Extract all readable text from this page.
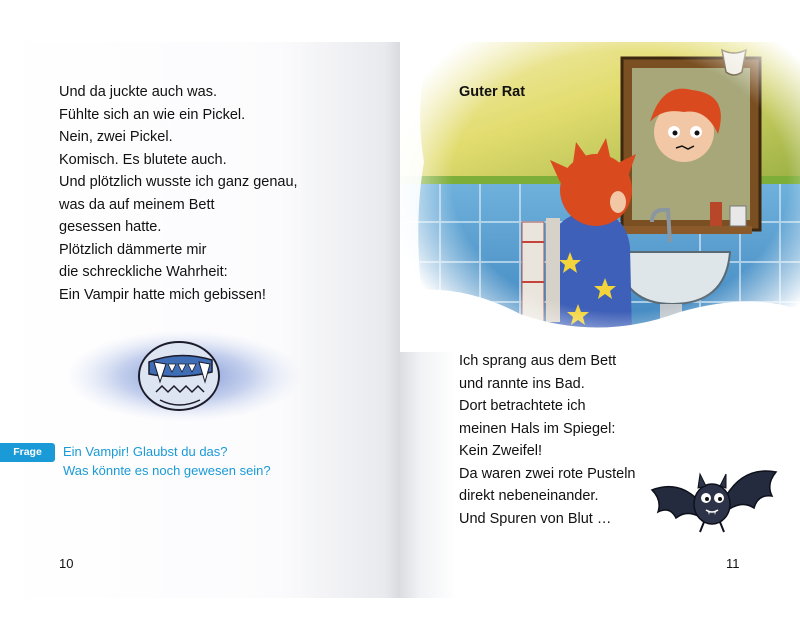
Und da juckte auch was.
Fühlte sich an wie ein Pickel.
Nein, zwei Pickel.
Komisch. Es blutete auch.
Und plötzlich wusste ich ganz genau,
was da auf meinem Bett
gesessen hatte.
Plötzlich dämmerte mir
die schreckliche Wahrheit:
Ein Vampir hatte mich gebissen!
Frage	Ein Vampir! Glaubst du das?
Was könnte es noch gewesen sein?
10
Guter Rat
Ich sprang aus dem Bett
und rannte ins Bad.
Dort betrachtete ich
meinen Hals im Spiegel:
Kein Zweifel!
Da waren zwei rote Pusteln
direkt nebeneinander.
Und Spuren von Blut …
11
